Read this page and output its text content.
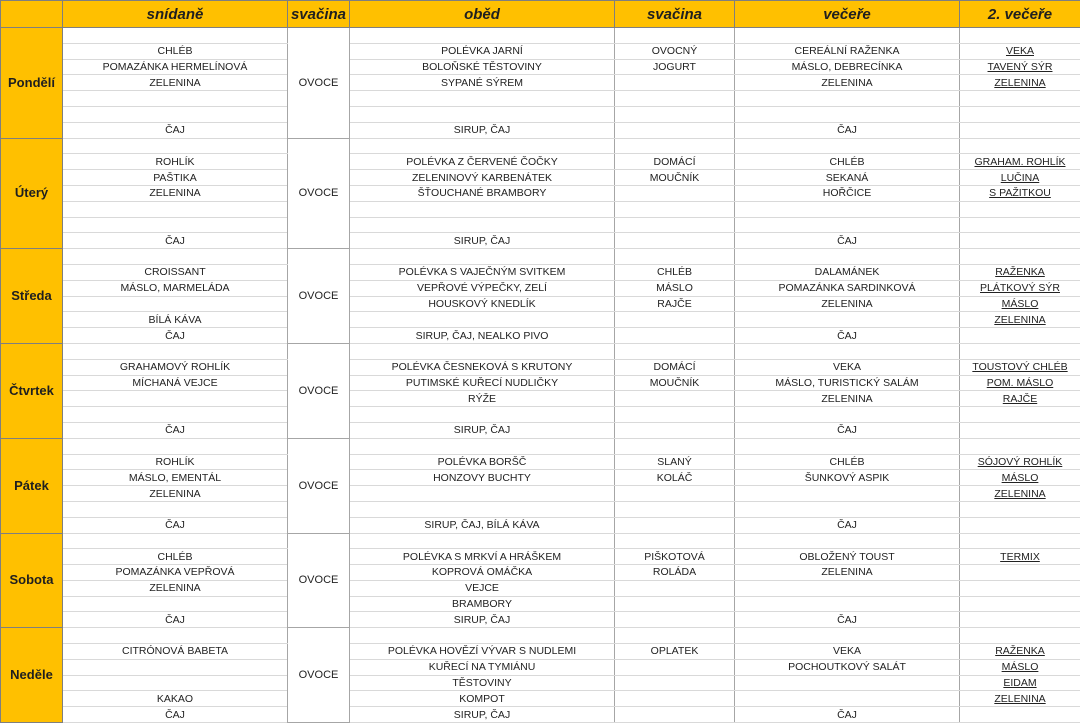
	snídaně	svačina	oběd	svačina	večeře	2. večeře
Pondělí		OVOCE				
	CHLÉB		POLÉVKA JARNÍ	OVOCNÝ	CEREÁLNÍ RAŽENKA	VEKA
	POMAZÁNKA HERMELÍNOVÁ		BOLOŇSKÉ TĚSTOVINY	JOGURT	MÁSLO, DEBRECÍNKA	TAVENÝ SÝR
	ZELENINA		SYPANÉ SÝREM		ZELENINA	ZELENINA

	ČAJ		SIRUP, ČAJ		ČAJ	
Úterý		OVOCE				
	ROHLÍK		POLÉVKA Z ČERVENÉ ČOČKY	DOMÁCÍ	CHLÉB	GRAHAM. ROHLÍK
	PAŠTIKA		ZELENINOVÝ KARBENÁTEK	MOUČNÍK	SEKANÁ	LUČINA
	ZELENINA		ŠŤOUCHANÉ BRAMBORY		HOŘČICE	S PAŽITKOU

	ČAJ		SIRUP, ČAJ		ČAJ	
Středa		OVOCE				
	CROISSANT		POLÉVKA S VAJEČNÝM SVITKEM	CHLÉB	DALAMÁNEK	RAŽENKA
	MÁSLO, MARMELÁDA		VEPŘOVÉ VÝPEČKY, ZELÍ	MÁSLO	POMAZÁNKA SARDINKOVÁ	PLÁTKOVÝ SÝR
			HOUSKOVÝ KNEDLÍK	RAJČE	ZELENINA	MÁSLO
	BÍLÁ KÁVA					ZELENINA
	ČAJ		SIRUP, ČAJ, NEALKO PIVO		ČAJ	
Čtvrtek		OVOCE				
	GRAHAMOVÝ ROHLÍK		POLÉVKA ČESNEKOVÁ S KRUTONY	DOMÁCÍ	VEKA	TOUSTOVÝ CHLÉB
	MÍCHANÁ VEJCE		PUTIMSKÉ KUŘECÍ NUDLIČKY	MOUČNÍK	MÁSLO, TURISTICKÝ SALÁM	POM. MÁSLO
			RÝŽE		ZELENINA	RAJČE

	ČAJ		SIRUP, ČAJ		ČAJ	
Pátek		OVOCE				
	ROHLÍK		POLÉVKA BORŠČ	SLANÝ	CHLÉB	SÓJOVÝ ROHLÍK
	MÁSLO, EMENTÁL		HONZOVY BUCHTY	KOLÁČ	ŠUNKOVÝ ASPIK	MÁSLO
	ZELENINA					ZELENINA

	ČAJ		SIRUP, ČAJ, BÍLÁ KÁVA		ČAJ	
Sobota		OVOCE				
	CHLÉB		POLÉVKA S MRKVÍ A HRÁŠKEM	PIŠKOTOVÁ	OBLOŽENÝ TOUST	TERMIX
	POMAZÁNKA VEPŘOVÁ		KOPROVÁ OMÁČKA	ROLÁDA	ZELENINA	
	ZELENINA		VEJCE			
			BRAMBORY			
	ČAJ		SIRUP, ČAJ		ČAJ	
Neděle		OVOCE				
	CITRÓNOVÁ BABETA		POLÉVKA HOVĚZÍ VÝVAR S NUDLEMI	OPLATEK	VEKA	RAŽENKA
			KUŘECÍ NA TYMIÁNU		POCHOUTKOVÝ SALÁT	MÁSLO
			TĚSTOVINY			EIDAM
	KAKAO		KOMPOT			ZELENINA
	ČAJ		SIRUP, ČAJ		ČAJ	
